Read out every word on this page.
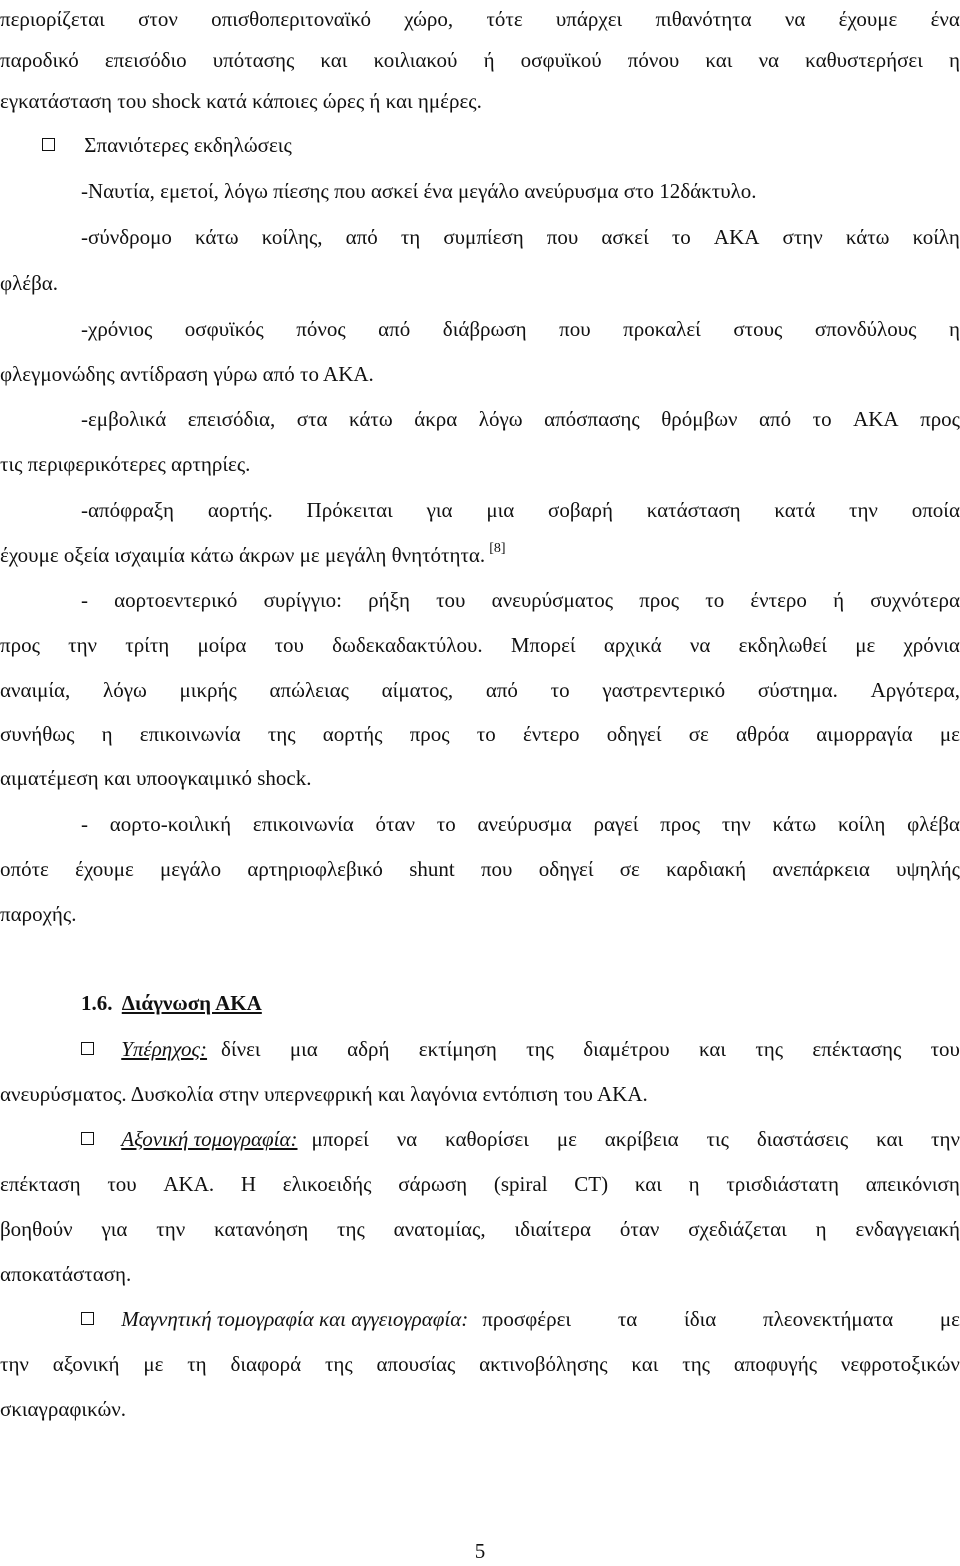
περιορίζεται στον οπισθοπεριτοναϊκό χώρο, τότε υπάρχει πιθανότητα να έχουμε ένα
παροδικό επεισόδιο υπότασης και κοιλιακού ή οσφυϊκού πόνου και να καθυστερήσει η
εγκατάσταση του shock κατά κάποιες ώρες ή και ημέρες.
Σπανιότερες εκδηλώσεις
-Ναυτία, εμετοί, λόγω πίεσης που ασκεί ένα μεγάλο ανεύρυσμα στο 12δάκτυλο.
-σύνδρομο κάτω κοίλης, από τη συμπίεση που ασκεί το ΑΚΑ στην κάτω κοίλη
φλέβα.
-χρόνιος οσφυϊκός πόνος από διάβρωση που προκαλεί στους σπονδύλους η
φλεγμονώδης αντίδραση γύρω από το ΑΚΑ.
-εμβολικά επεισόδια, στα κάτω άκρα λόγω απόσπασης θρόμβων από το ΑΚΑ προς
τις περιφερικότερες αρτηρίες.
-απόφραξη αορτής. Πρόκειται για μια σοβαρή κατάσταση κατά την οποία
έχουμε οξεία ισχαιμία κάτω άκρων με μεγάλη θνητότητα. [8]
- αορτοεντερικό συρίγγιο: ρήξη του ανευρύσματος προς το έντερο ή συχνότερα
προς την τρίτη μοίρα του δωδεκαδακτύλου. Μπορεί αρχικά να εκδηλωθεί με χρόνια
αναιμία, λόγω μικρής απώλειας αίματος, από το γαστρεντερικό σύστημα. Αργότερα,
συνήθως η επικοινωνία της αορτής προς το έντερο οδηγεί σε αθρόα αιμορραγία με
αιματέμεση και υποογκαιμικό shock.
- αορτο-κοιλική επικοινωνία όταν το ανεύρυσμα ραγεί προς την κάτω κοίλη φλέβα
οπότε έχουμε μεγάλο αρτηριοφλεβικό shunt που οδηγεί σε καρδιακή ανεπάρκεια υψηλής
παροχής.
1.6. Διάγνωση ΑΚΑ
Υπέρηχος: δίνει μια αδρή εκτίμηση της διαμέτρου και της επέκτασης του
ανευρύσματος. Δυσκολία στην υπερνεφρική και λαγόνια εντόπιση του ΑΚΑ.
Αξονική τομογραφία: μπορεί να καθορίσει με ακρίβεια τις διαστάσεις και την
επέκταση του ΑΚΑ. Η ελικοειδής σάρωση (spiral CT) και η τρισδιάστατη απεικόνιση
βοηθούν για την κατανόηση της ανατομίας, ιδιαίτερα όταν σχεδιάζεται η ενδαγγειακή
αποκατάσταση.
Μαγνητική τομογραφία και αγγειογραφία: προσφέρει τα ίδια πλεονεκτήματα με
την αξονική με τη διαφορά της απουσίας ακτινοβόλησης και της αποφυγής νεφροτοξικών
σκιαγραφικών.
5
